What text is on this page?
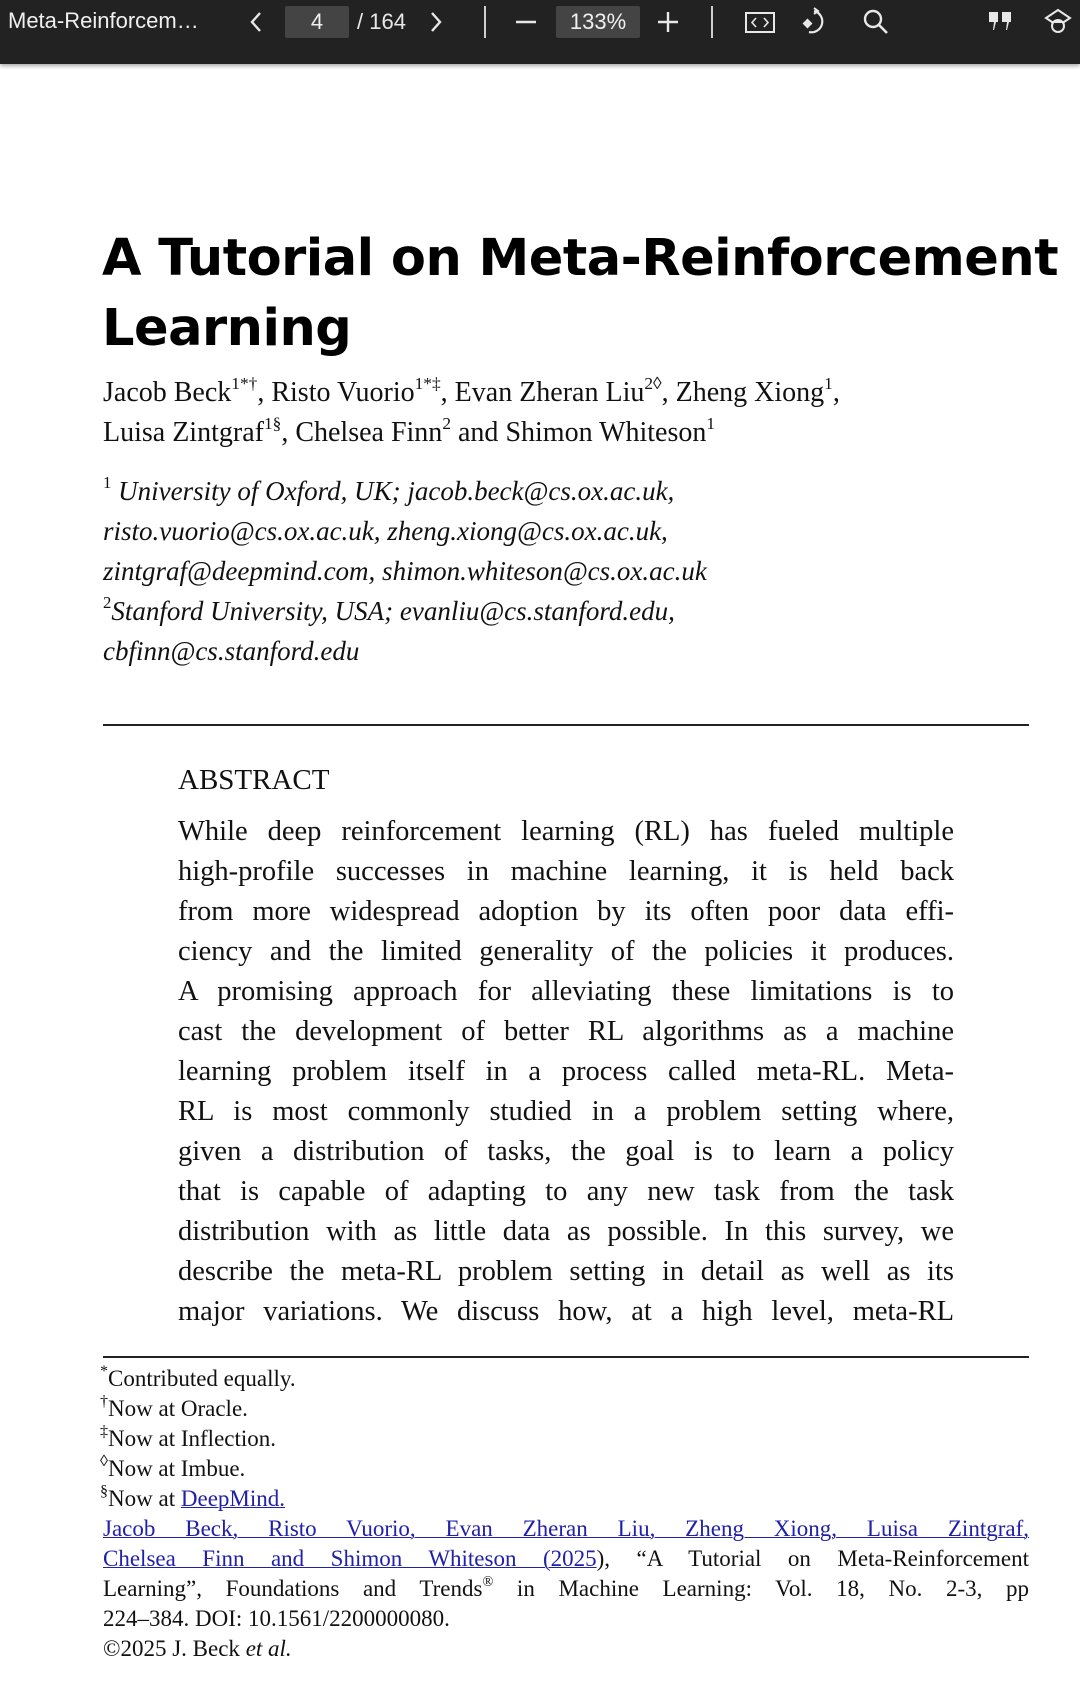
Meta-Reinforcem…
4	/ 164
133%
A Tutorial on Meta-Reinforcement
Learning
Jacob Beck$^{1*\dagger}$, Risto Vuorio$^{1*\ddagger}$, Evan Zheran Liu$^{2◊}$, Zheng Xiong$^1$,
Luisa Zintgraf$^{1\S}$, Chelsea Finn$^2$ and Shimon Whiteson$^1$
$^1$ University of Oxford, UK; jacob.beck@cs.ox.ac.uk,
risto.vuorio@cs.ox.ac.uk, zheng.xiong@cs.ox.ac.uk,
zintgraf@deepmind.com, shimon.whiteson@cs.ox.ac.uk
$^2$Stanford University, USA; evanliu@cs.stanford.edu,
cbfinn@cs.stanford.edu
ABSTRACT
While deep reinforcement learning (RL) has fueled multiple
high-profile successes in machine learning, it is held back
from more widespread adoption by its often poor data effi-
ciency and the limited generality of the policies it produces.
A promising approach for alleviating these limitations is to
cast the development of better RL algorithms as a machine
learning problem itself in a process called meta-RL. Meta-
RL is most commonly studied in a problem setting where,
given a distribution of tasks, the goal is to learn a policy
that is capable of adapting to any new task from the task
distribution with as little data as possible. In this survey, we
describe the meta-RL problem setting in detail as well as its
major variations. We discuss how, at a high level, meta-RL
*Contributed equally.
†Now at Oracle.
‡Now at Inflection.
◊Now at Imbue.
§Now at DeepMind.
Jacob Beck, Risto Vuorio, Evan Zheran Liu, Zheng Xiong, Luisa Zintgraf,
Chelsea Finn and Shimon Whiteson (2025), “A Tutorial on Meta-Reinforcement
Learning”, Foundations and Trends® in Machine Learning: Vol. 18, No. 2-3, pp
224–384. DOI: 10.1561/2200000080.
©2025 J. Beck et al.
